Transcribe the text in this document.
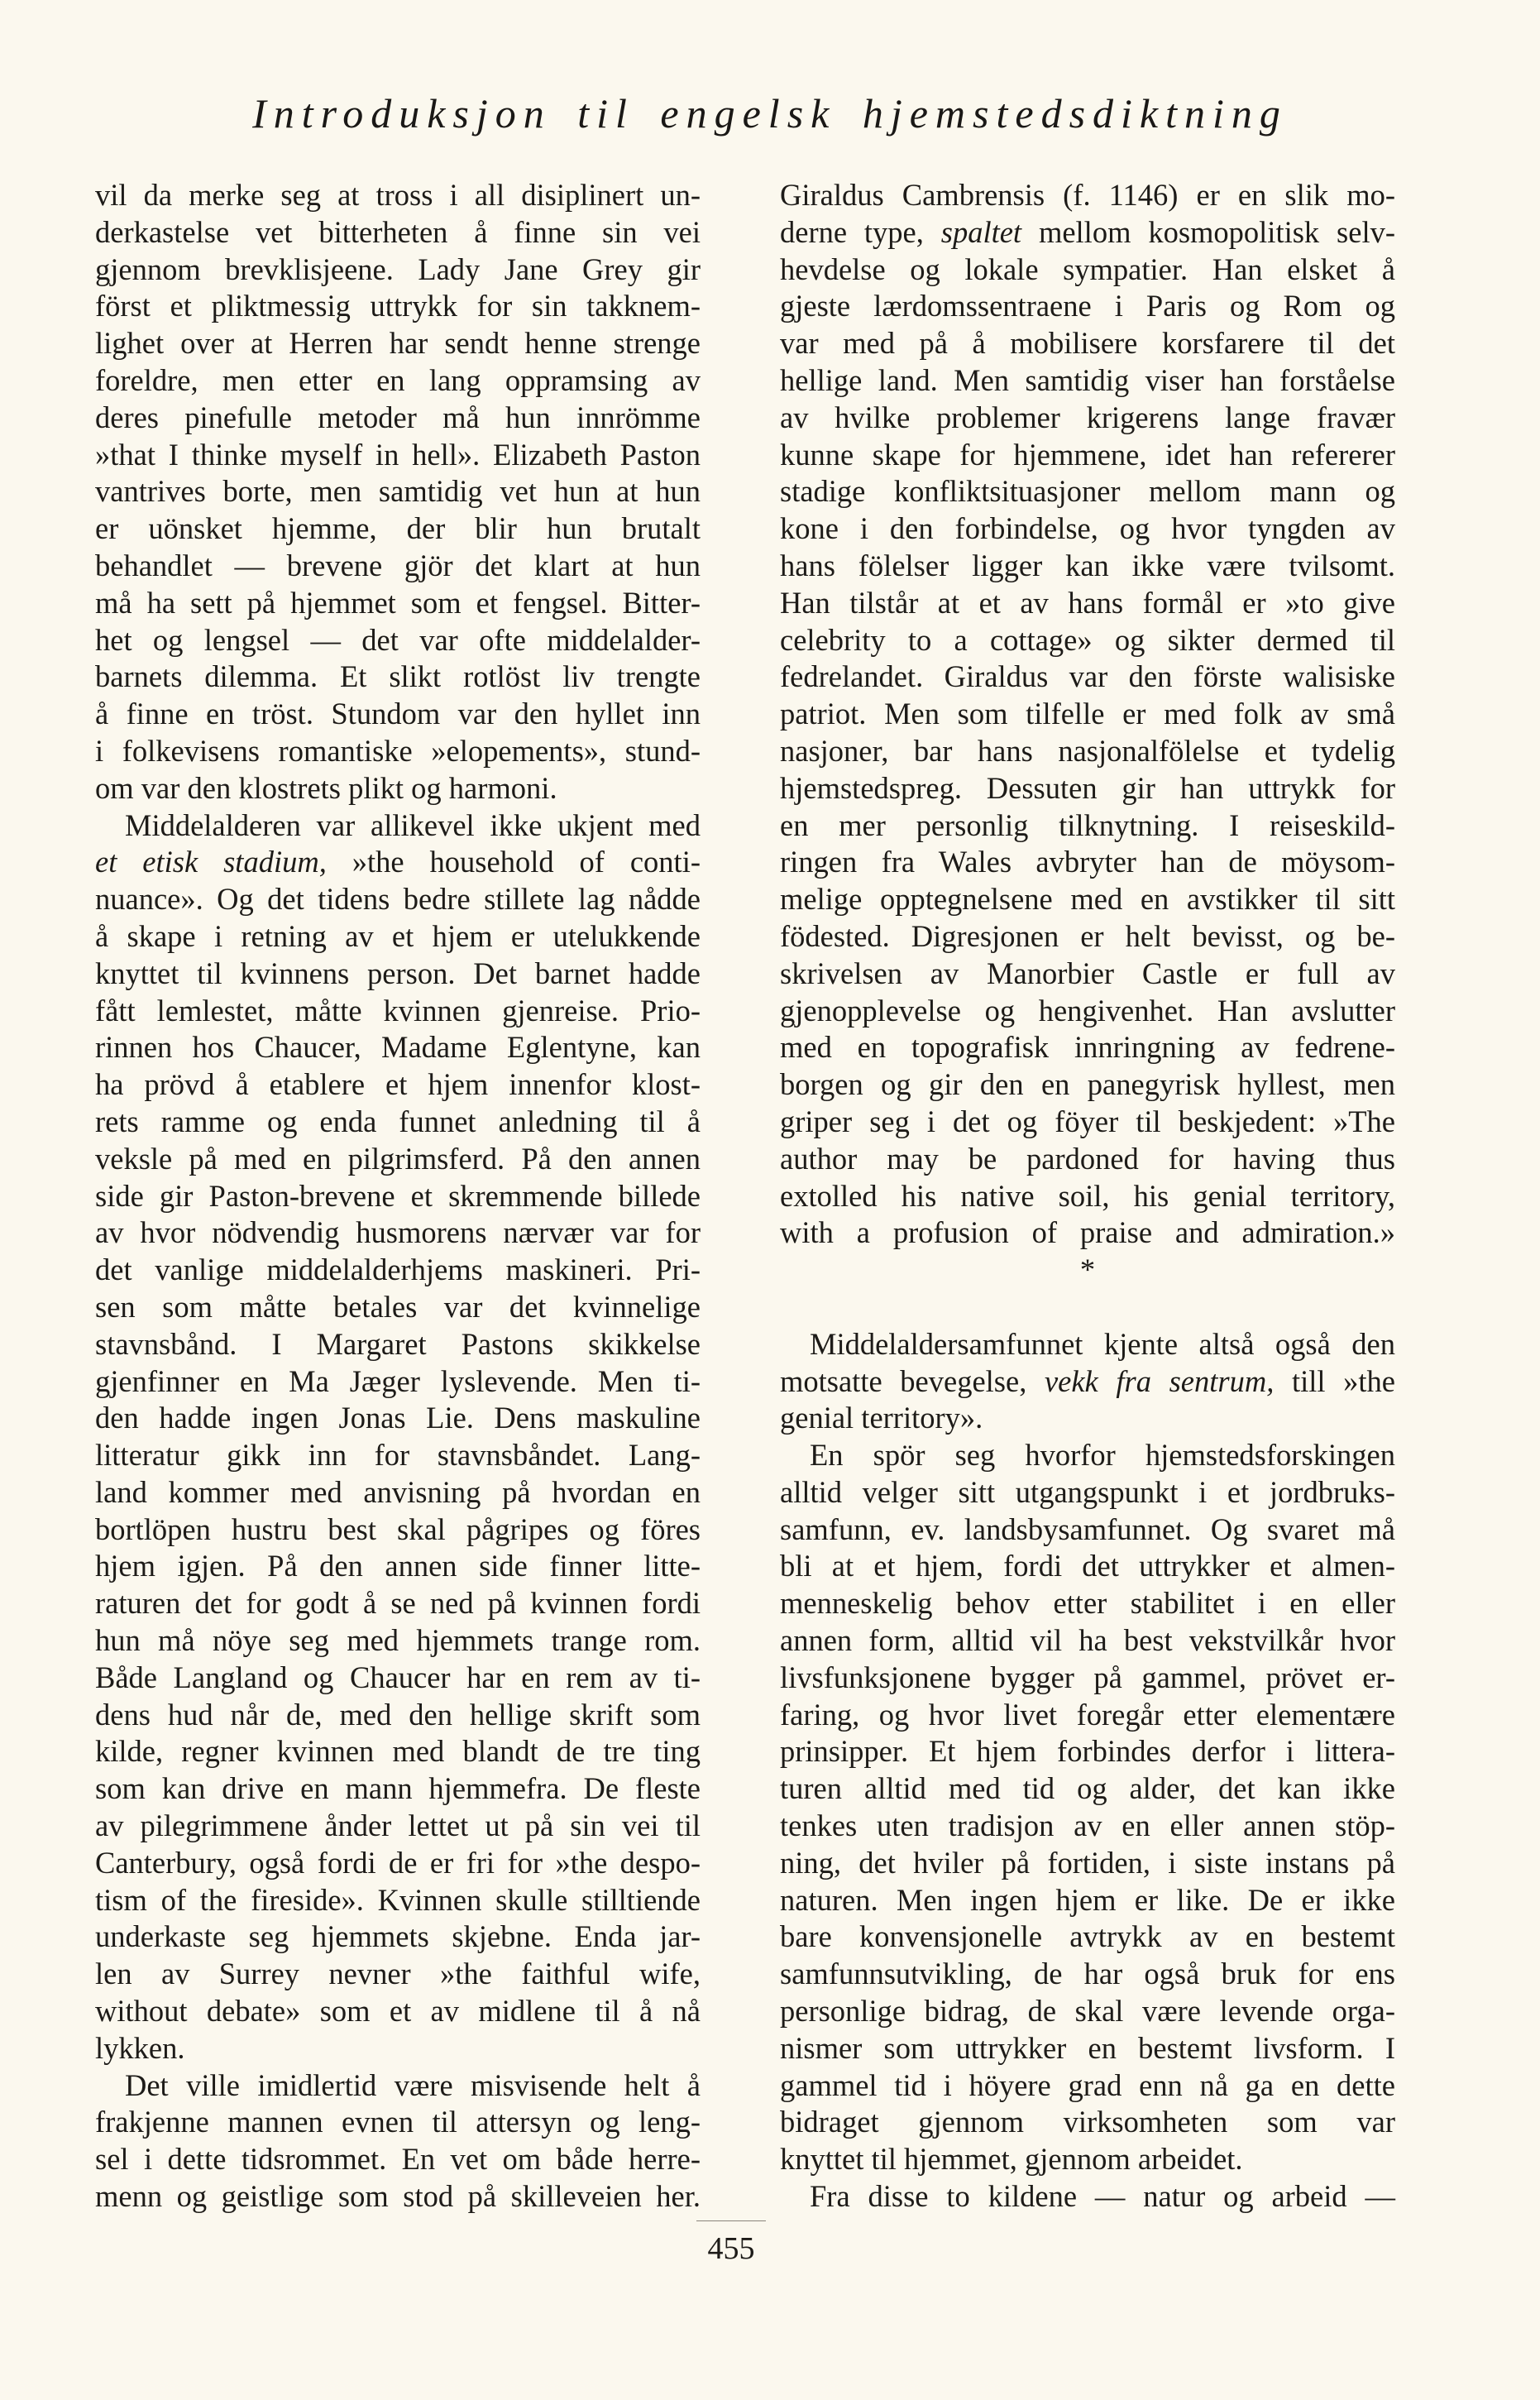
Introduksjon til engelsk hjemstedsdiktning
vil da merke seg at tross i all disiplinert un-
derkastelse vet bitterheten å finne sin vei
gjennom brevklisjeene. Lady Jane Grey gir
först et pliktmessig uttrykk for sin takknem-
lighet over at Herren har sendt henne strenge
foreldre, men etter en lang oppramsing av
deres pinefulle metoder må hun innrömme
»that I thinke myself in hell». Elizabeth Paston
vantrives borte, men samtidig vet hun at hun
er uönsket hjemme, der blir hun brutalt
behandlet — brevene gjör det klart at hun
må ha sett på hjemmet som et fengsel. Bitter-
het og lengsel — det var ofte middelalder-
barnets dilemma. Et slikt rotlöst liv trengte
å finne en tröst. Stundom var den hyllet inn
i folkevisens romantiske »elopements», stund-
om var den klostrets plikt og harmoni.
Middelalderen var allikevel ikke ukjent med
et etisk stadium, »the household of conti-
nuance». Og det tidens bedre stillete lag nådde
å skape i retning av et hjem er utelukkende
knyttet til kvinnens person. Det barnet hadde
fått lemlestet, måtte kvinnen gjenreise. Prio-
rinnen hos Chaucer, Madame Eglentyne, kan
ha prövd å etablere et hjem innenfor klost-
rets ramme og enda funnet anledning til å
veksle på med en pilgrimsferd. På den annen
side gir Paston-brevene et skremmende billede
av hvor nödvendig husmorens nærvær var for
det vanlige middelalderhjems maskineri. Pri-
sen som måtte betales var det kvinnelige
stavnsbånd. I Margaret Pastons skikkelse
gjenfinner en Ma Jæger lyslevende. Men ti-
den hadde ingen Jonas Lie. Dens maskuline
litteratur gikk inn for stavnsbåndet. Lang-
land kommer med anvisning på hvordan en
bortlöpen hustru best skal pågripes og föres
hjem igjen. På den annen side finner litte-
raturen det for godt å se ned på kvinnen fordi
hun må nöye seg med hjemmets trange rom.
Både Langland og Chaucer har en rem av ti-
dens hud når de, med den hellige skrift som
kilde, regner kvinnen med blandt de tre ting
som kan drive en mann hjemmefra. De fleste
av pilegrimmene ånder lettet ut på sin vei til
Canterbury, også fordi de er fri for »the despo-
tism of the fireside». Kvinnen skulle stilltiende
underkaste seg hjemmets skjebne. Enda jar-
len av Surrey nevner »the faithful wife,
without debate» som et av midlene til å nå
lykken.
Det ville imidlertid være misvisende helt å
frakjenne mannen evnen til attersyn og leng-
sel i dette tidsrommet. En vet om både herre-
menn og geistlige som stod på skilleveien her.
Giraldus Cambrensis (f. 1146) er en slik mo-
derne type, spaltet mellom kosmopolitisk selv-
hevdelse og lokale sympatier. Han elsket å
gjeste lærdomssentraene i Paris og Rom og
var med på å mobilisere korsfarere til det
hellige land. Men samtidig viser han forståelse
av hvilke problemer krigerens lange fravær
kunne skape for hjemmene, idet han refererer
stadige konfliktsituasjoner mellom mann og
kone i den forbindelse, og hvor tyngden av
hans fölelser ligger kan ikke være tvilsomt.
Han tilstår at et av hans formål er »to give
celebrity to a cottage» og sikter dermed til
fedrelandet. Giraldus var den förste walisiske
patriot. Men som tilfelle er med folk av små
nasjoner, bar hans nasjonalfölelse et tydelig
hjemstedspreg. Dessuten gir han uttrykk for
en mer personlig tilknytning. I reiseskild-
ringen fra Wales avbryter han de möysom-
melige opptegnelsene med en avstikker til sitt
födested. Digresjonen er helt bevisst, og be-
skrivelsen av Manorbier Castle er full av
gjenopplevelse og hengivenhet. Han avslutter
med en topografisk innringning av fedrene-
borgen og gir den en panegyrisk hyllest, men
griper seg i det og föyer til beskjedent: »The
author may be pardoned for having thus
extolled his native soil, his genial territory,
with a profusion of praise and admiration.»
*
Middelaldersamfunnet kjente altså også den
motsatte bevegelse, vekk fra sentrum, till »the
genial territory».
En spör seg hvorfor hjemstedsforskingen
alltid velger sitt utgangspunkt i et jordbruks-
samfunn, ev. landsbysamfunnet. Og svaret må
bli at et hjem, fordi det uttrykker et almen-
menneskelig behov etter stabilitet i en eller
annen form, alltid vil ha best vekstvilkår hvor
livsfunksjonene bygger på gammel, prövet er-
faring, og hvor livet foregår etter elementære
prinsipper. Et hjem forbindes derfor i littera-
turen alltid med tid og alder, det kan ikke
tenkes uten tradisjon av en eller annen stöp-
ning, det hviler på fortiden, i siste instans på
naturen. Men ingen hjem er like. De er ikke
bare konvensjonelle avtrykk av en bestemt
samfunnsutvikling, de har også bruk for ens
personlige bidrag, de skal være levende orga-
nismer som uttrykker en bestemt livsform. I
gammel tid i höyere grad enn nå ga en dette
bidraget gjennom virksomheten som var
knyttet til hjemmet, gjennom arbeidet.
Fra disse to kildene — natur og arbeid —
455
